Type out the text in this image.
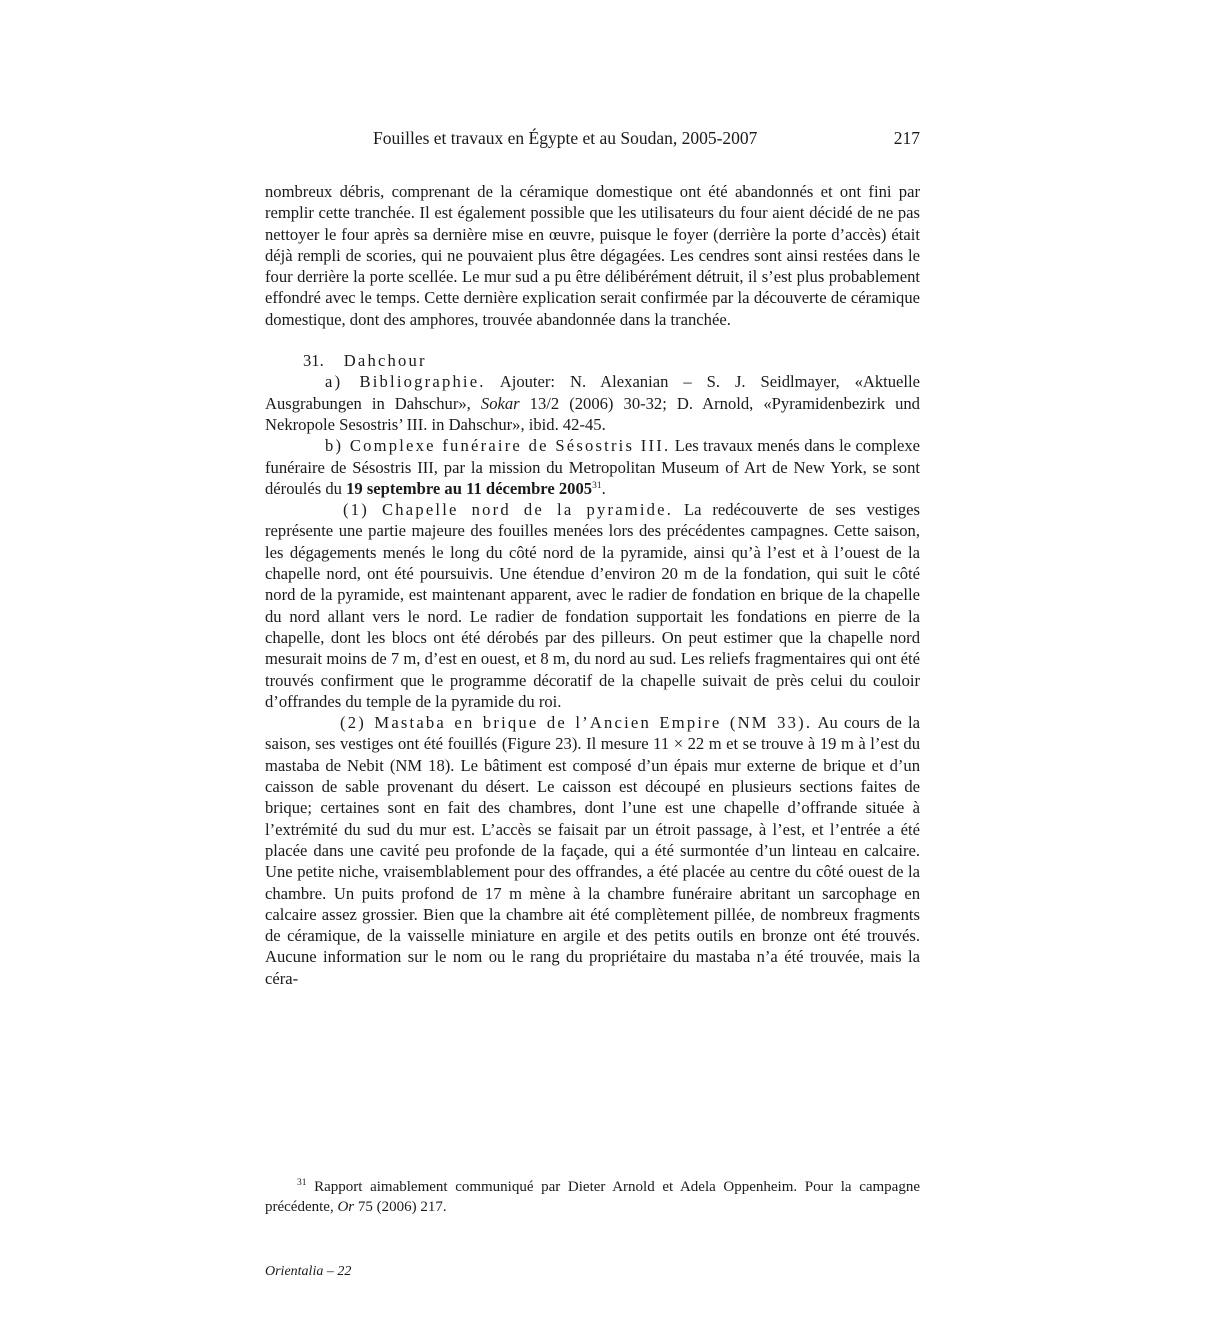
Fouilles et travaux en Égypte et au Soudan, 2005-2007	217

nombreux débris, comprenant de la céramique domestique ont été abandonnés et ont fini par remplir cette tranchée. Il est également possible que les utilisateurs du four aient décidé de ne pas nettoyer le four après sa dernière mise en œuvre, puisque le foyer (derrière la porte d’accès) était déjà rempli de scories, qui ne pouvaient plus être dégagées. Les cendres sont ainsi restées dans le four derrière la porte scellée. Le mur sud a pu être délibérément détruit, il s’est plus probablement effondré avec le temps. Cette dernière explication serait confirmée par la découverte de céramique domestique, dont des amphores, trouvée abandonnée dans la tranchée.

31. Dahchour

a) Bibliographie. Ajouter: N. Alexanian – S. J. Seidlmayer, «Aktuelle Ausgrabungen in Dahschur», Sokar 13/2 (2006) 30-32; D. Arnold, «Pyramidenbezirk und Nekropole Sesostris’ III. in Dahschur», ibid. 42-45.

b) Complexe funéraire de Sésostris III. Les travaux menés dans le complexe funéraire de Sésostris III, par la mission du Metropolitan Museum of Art de New York, se sont déroulés du 19 septembre au 11 décembre 2005$^{31}$.

(1) Chapelle nord de la pyramide. La redécouverte de ses vestiges représente une partie majeure des fouilles menées lors des précédentes campagnes. Cette saison, les dégagements menés le long du côté nord de la pyramide, ainsi qu’à l’est et à l’ouest de la chapelle nord, ont été poursuivis. Une étendue d’environ 20 m de la fondation, qui suit le côté nord de la pyramide, est maintenant apparent, avec le radier de fondation en brique de la chapelle du nord allant vers le nord. Le radier de fondation supportait les fondations en pierre de la chapelle, dont les blocs ont été dérobés par des pilleurs. On peut estimer que la chapelle nord mesurait moins de 7 m, d’est en ouest, et 8 m, du nord au sud. Les reliefs fragmentaires qui ont été trouvés confirment que le programme décoratif de la chapelle suivait de près celui du couloir d’offrandes du temple de la pyramide du roi.

(2) Mastaba en brique de l’Ancien Empire (NM 33). Au cours de la saison, ses vestiges ont été fouillés (Figure 23). Il mesure 11 × 22 m et se trouve à 19 m à l’est du mastaba de Nebit (NM 18). Le bâtiment est composé d’un épais mur externe de brique et d’un caisson de sable provenant du désert. Le caisson est découpé en plusieurs sections faites de brique; certaines sont en fait des chambres, dont l’une est une chapelle d’offrande située à l’extrémité du sud du mur est. L’accès se faisait par un étroit passage, à l’est, et l’entrée a été placée dans une cavité peu profonde de la façade, qui a été surmontée d’un linteau en calcaire. Une petite niche, vraisemblablement pour des offrandes, a été placée au centre du côté ouest de la chambre. Un puits profond de 17 m mène à la chambre funéraire abritant un sarcophage en calcaire assez grossier. Bien que la chambre ait été complètement pillée, de nombreux fragments de céramique, de la vaisselle miniature en argile et des petits outils en bronze ont été trouvés. Aucune information sur le nom ou le rang du propriétaire du mastaba n’a été trouvée, mais la céra-

$^{31}$ Rapport aimablement communiqué par Dieter Arnold et Adela Oppenheim. Pour la campagne précédente, Or 75 (2006) 217.

Orientalia – 22
